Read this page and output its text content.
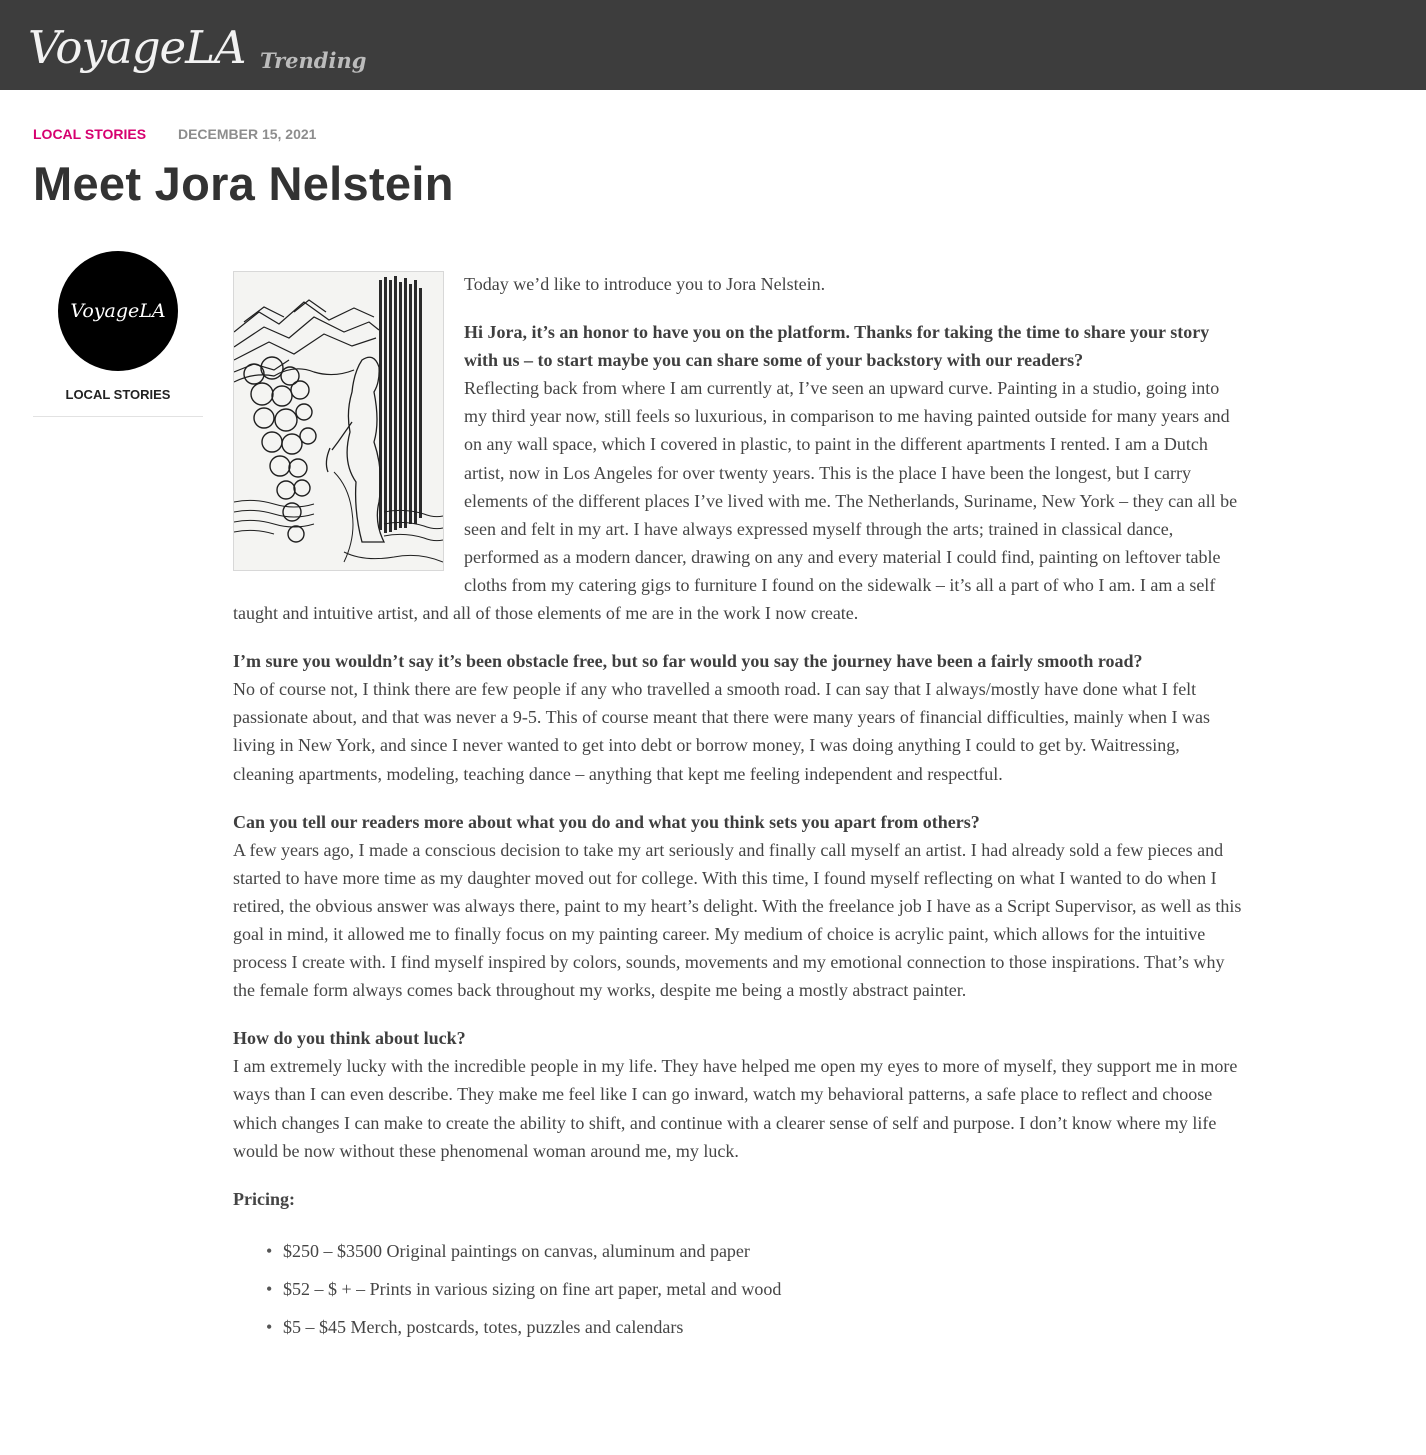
VoyageLA Trending
LOCAL STORIES DECEMBER 15, 2021
Meet Jora Nelstein
VoyageLA
LOCAL STORIES

Today we’d like to introduce you to Jora Nelstein.

Hi Jora, it’s an honor to have you on the platform. Thanks for taking the time to share your story with us – to start maybe you can share some of your backstory with our readers?
Reflecting back from where I am currently at, I’ve seen an upward curve. Painting in a studio, going into my third year now, still feels so luxurious, in comparison to me having painted outside for many years and on any wall space, which I covered in plastic, to paint in the different apartments I rented. I am a Dutch artist, now in Los Angeles for over twenty years. This is the place I have been the longest, but I carry elements of the different places I’ve lived with me. The Netherlands, Suriname, New York – they can all be seen and felt in my art. I have always expressed myself through the arts; trained in classical dance, performed as a modern dancer, drawing on any and every material I could find, painting on leftover table cloths from my catering gigs to furniture I found on the sidewalk – it’s all a part of who I am. I am a self taught and intuitive artist, and all of those elements of me are in the work I now create.

I’m sure you wouldn’t say it’s been obstacle free, but so far would you say the journey have been a fairly smooth road?
No of course not, I think there are few people if any who travelled a smooth road. I can say that I always/mostly have done what I felt passionate about, and that was never a 9-5. This of course meant that there were many years of financial difficulties, mainly when I was living in New York, and since I never wanted to get into debt or borrow money, I was doing anything I could to get by. Waitressing, cleaning apartments, modeling, teaching dance – anything that kept me feeling independent and respectful.

Can you tell our readers more about what you do and what you think sets you apart from others?
A few years ago, I made a conscious decision to take my art seriously and finally call myself an artist. I had already sold a few pieces and started to have more time as my daughter moved out for college. With this time, I found myself reflecting on what I wanted to do when I retired, the obvious answer was always there, paint to my heart’s delight. With the freelance job I have as a Script Supervisor, as well as this goal in mind, it allowed me to finally focus on my painting career. My medium of choice is acrylic paint, which allows for the intuitive process I create with. I find myself inspired by colors, sounds, movements and my emotional connection to those inspirations. That’s why the female form always comes back throughout my works, despite me being a mostly abstract painter.

How do you think about luck?
I am extremely lucky with the incredible people in my life. They have helped me open my eyes to more of myself, they support me in more ways than I can even describe. They make me feel like I can go inward, watch my behavioral patterns, a safe place to reflect and choose which changes I can make to create the ability to shift, and continue with a clearer sense of self and purpose. I don’t know where my life would be now without these phenomenal woman around me, my luck.

Pricing:

• $250 – $3500 Original paintings on canvas, aluminum and paper
• $52 – $ + – Prints in various sizing on fine art paper, metal and wood
• $5 – $45 Merch, postcards, totes, puzzles and calendars
